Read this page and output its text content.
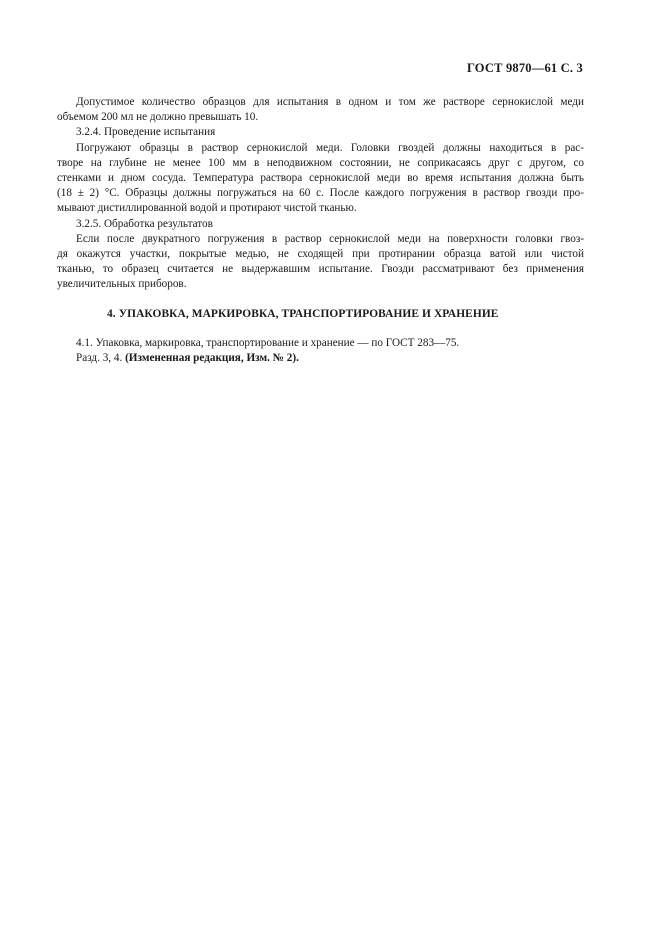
ГОСТ 9870—61 С. 3
Допустимое количество образцов для испытания в одном и том же растворе сернокислой меди
объемом 200 мл не должно превышать 10.
3.2.4. Проведение испытания
Погружают образцы в раствор сернокислой меди. Головки гвоздей должны находиться в рас-
творе на глубине не менее 100 мм в неподвижном состоянии, не соприкасаясь друг с другом, со
стенками и дном сосуда. Температура раствора сернокислой меди во время испытания должна быть
(18 ± 2) °С. Образцы должны погружаться на 60 с. После каждого погружения в раствор гвозди про-
мывают дистиллированной водой и протирают чистой тканью.
3.2.5. Обработка результатов
Если после двукратного погружения в раствор сернокислой меди на поверхности головки гвоз-
дя окажутся участки, покрытые медью, не сходящей при протирании образца ватой или чистой
тканью, то образец считается не выдержавшим испытание. Гвозди рассматривают без применения
увеличительных приборов.
4. УПАКОВКА, МАРКИРОВКА, ТРАНСПОРТИРОВАНИЕ И ХРАНЕНИЕ
4.1. Упаковка, маркировка, транспортирование и хранение — по ГОСТ 283—75.
Разд. 3, 4. (Измененная редакция, Изм. № 2).
